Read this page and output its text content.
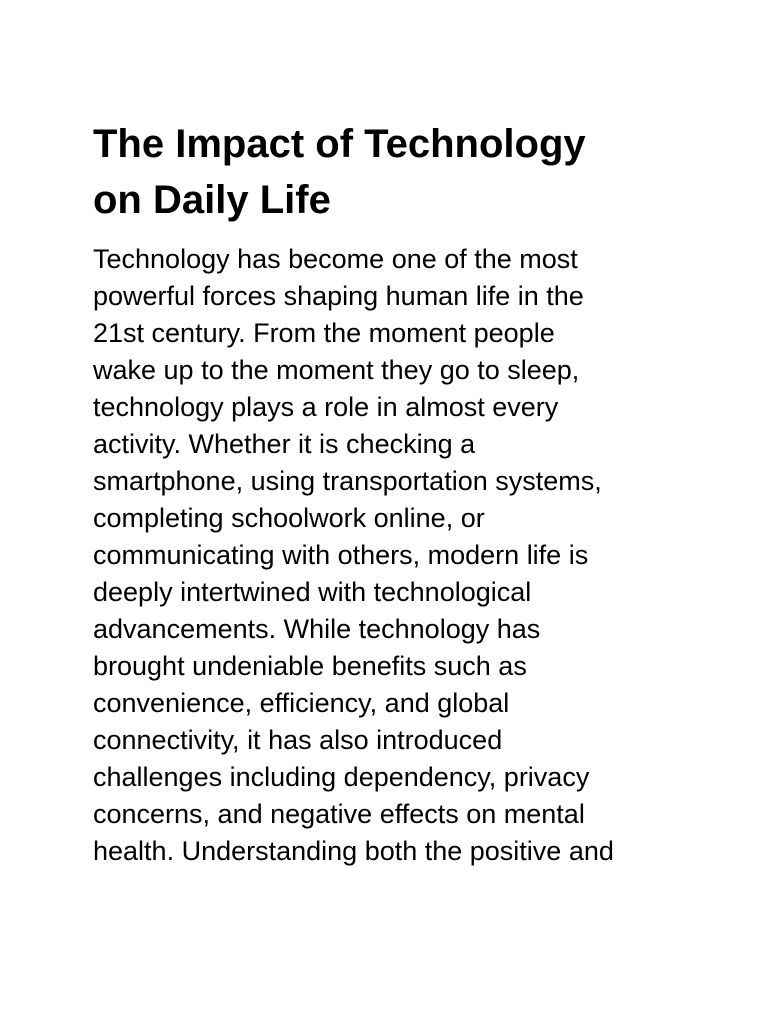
The Impact of Technology
on Daily Life

Technology has become one of the most
powerful forces shaping human life in the
21st century. From the moment people
wake up to the moment they go to sleep,
technology plays a role in almost every
activity. Whether it is checking a
smartphone, using transportation systems,
completing schoolwork online, or
communicating with others, modern life is
deeply intertwined with technological
advancements. While technology has
brought undeniable benefits such as
convenience, efficiency, and global
connectivity, it has also introduced
challenges including dependency, privacy
concerns, and negative effects on mental
health. Understanding both the positive and
